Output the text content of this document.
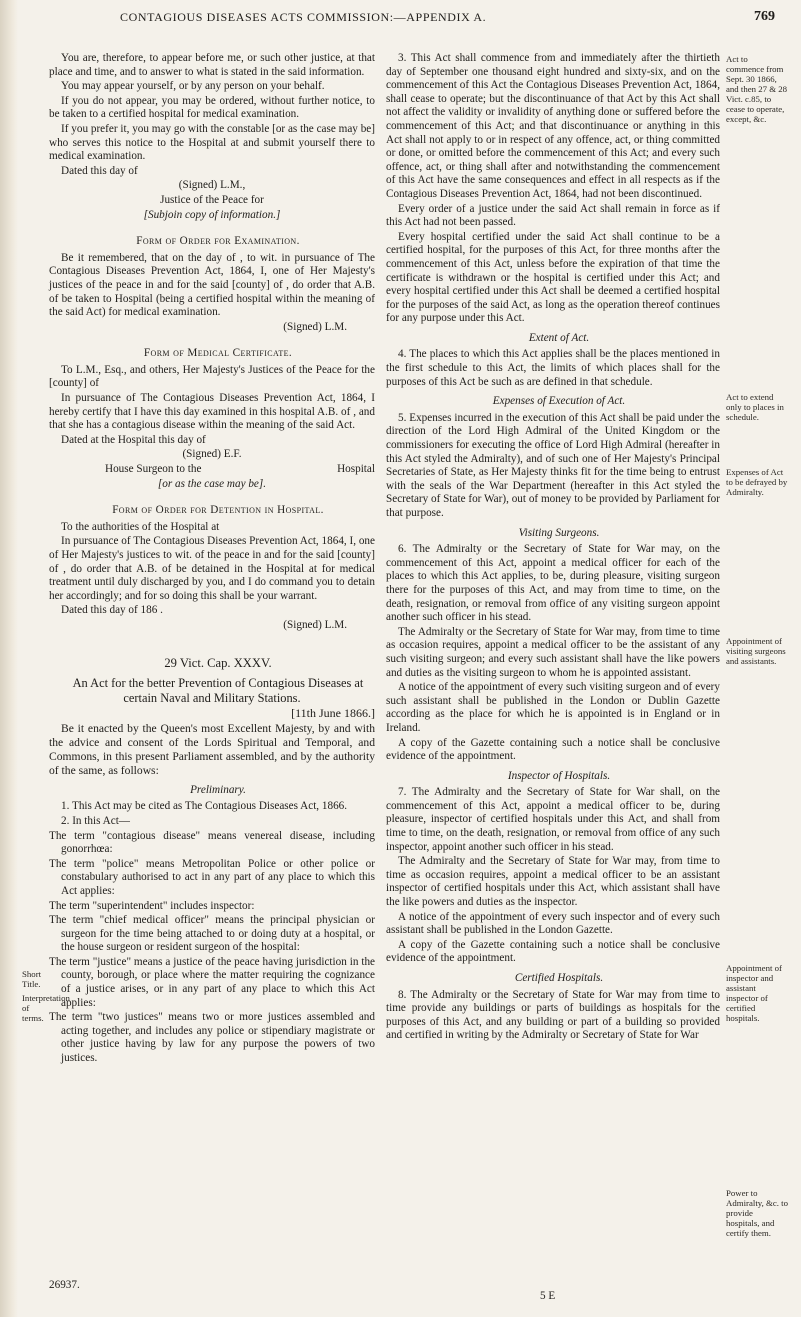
CONTAGIOUS DISEASES ACTS COMMISSION:—APPENDIX A.	769

You are, therefore, to appear before me, or such other justice, at that place and time, and to answer to what is stated in the said information.

You may appear yourself, or by any person on your behalf.

If you do not appear, you may be ordered, without further notice, to be taken to a certified hospital for medical examination.

If you prefer it, you may go with the constable [or as the case may be] who serves this notice to the Hospital at and submit yourself there to medical examination.

Dated this day of

(Signed) L.M.,

Justice of the Peace for

[Subjoin copy of information.]

Form of Order for Examination.

Be it remembered, that on the day of , to wit. in pursuance of The Contagious Diseases Prevention Act, 1864, I, one of Her Majesty's justices of the peace in and for the said [county] of , do order that A.B. of be taken to Hospital (being a certified hospital within the meaning of the said Act) for medical examination.

(Signed) L.M.

Form of Medical Certificate.

To L.M., Esq., and others, Her Majesty's Justices of the Peace for the [county] of

In pursuance of The Contagious Diseases Prevention Act, 1864, I hereby certify that I have this day examined in this hospital A.B. of , and that she has a contagious disease within the meaning of the said Act.

Dated at the Hospital this day of

(Signed) E.F.

House Surgeon to the	Hospital

[or as the case may be].

Form of Order for Detention in Hospital.

To the authorities of the Hospital at

In pursuance of The Contagious Diseases Prevention Act, 1864, I, one of Her Majesty's justices to wit. of the peace in and for the said [county] of , do order that A.B. of be detained in the Hospital at for medical treatment until duly discharged by you, and I do command you to detain her accordingly; and for so doing this shall be your warrant.

Dated this day of 186 .

(Signed) L.M.

29 Vict. Cap. XXXV.

An Act for the better Prevention of Contagious Diseases at certain Naval and Military Stations.

[11th June 1866.]

Be it enacted by the Queen's most Excellent Majesty, by and with the advice and consent of the Lords Spiritual and Temporal, and Commons, in this present Parliament assembled, and by the authority of the same, as follows:

Preliminary.

1. This Act may be cited as The Contagious Diseases Act, 1866.

2. In this Act—

The term "contagious disease" means venereal disease, including gonorrhœa:

The term "police" means Metropolitan Police or other police or constabulary authorised to act in any part of any place to which this Act applies:

The term "superintendent" includes inspector:

The term "chief medical officer" means the principal physician or surgeon for the time being attached to or doing duty at a hospital, or the house surgeon or resident surgeon of the hospital:

The term "justice" means a justice of the peace having jurisdiction in the county, borough, or place where the matter requiring the cognizance of a justice arises, or in any part of any place to which this Act applies:

The term "two justices" means two or more justices assembled and acting together, and includes any police or stipendiary magistrate or other justice having by law for any purpose the powers of two justices.

Short Title.
Interpretation of terms.
26937.

3. This Act shall commence from and immediately after the thirtieth day of September one thousand eight hundred and sixty-six, and on the commencement of this Act the Contagious Diseases Prevention Act, 1864, shall cease to operate; but the discontinuance of that Act by this Act shall not affect the validity or invalidity of anything done or suffered before the commencement of this Act; and that discontinuance or anything in this Act shall not apply to or in respect of any offence, act, or thing committed or done, or omitted before the commencement of this Act; and every such offence, act, or thing shall after and notwithstanding the commencement of this Act have the same consequences and effect in all respects as if the Contagious Diseases Prevention Act, 1864, had not been discontinued.

Every order of a justice under the said Act shall remain in force as if this Act had not been passed.

Every hospital certified under the said Act shall continue to be a certified hospital, for the purposes of this Act, for three months after the commencement of this Act, unless before the expiration of that time the certificate is withdrawn or the hospital is certified under this Act; and every hospital certified under this Act shall be deemed a certified hospital for the purposes of the said Act, as long as the operation thereof continues for any purpose under this Act.

Extent of Act.

4. The places to which this Act applies shall be the places mentioned in the first schedule to this Act, the limits of which places shall for the purposes of this Act be such as are defined in that schedule.

Expenses of Execution of Act.

5. Expenses incurred in the execution of this Act shall be paid under the direction of the Lord High Admiral of the United Kingdom or the commissioners for executing the office of Lord High Admiral (hereafter in this Act styled the Admiralty), and of such one of Her Majesty's Principal Secretaries of State, as Her Majesty thinks fit for the time being to entrust with the seals of the War Department (hereafter in this Act styled the Secretary of State for War), out of money to be provided by Parliament for that purpose.

Visiting Surgeons.

6. The Admiralty or the Secretary of State for War may, on the commencement of this Act, appoint a medical officer for each of the places to which this Act applies, to be, during pleasure, visiting surgeon there for the purposes of this Act, and may from time to time, on the death, resignation, or removal from office of any visiting surgeon appoint another such officer in his stead.

The Admiralty or the Secretary of State for War may, from time to time as occasion requires, appoint a medical officer to be the assistant of any such visiting surgeon; and every such assistant shall have the like powers and duties as the visiting surgeon to whom he is appointed assistant.

A notice of the appointment of every such visiting surgeon and of every such assistant shall be published in the London or Dublin Gazette according as the place for which he is appointed is in England or in Ireland.

A copy of the Gazette containing such a notice shall be conclusive evidence of the appointment.

Inspector of Hospitals.

7. The Admiralty and the Secretary of State for War shall, on the commencement of this Act, appoint a medical officer to be, during pleasure, inspector of certified hospitals under this Act, and shall from time to time, on the death, resignation, or removal from office of any such inspector, appoint another such officer in his stead.

The Admiralty and the Secretary of State for War may, from time to time as occasion requires, appoint a medical officer to be an assistant inspector of certified hospitals under this Act, which assistant shall have the like powers and duties as the inspector.

A notice of the appointment of every such inspector and of every such assistant shall be published in the London Gazette.

A copy of the Gazette containing such a notice shall be conclusive evidence of the appointment.

Certified Hospitals.

8. The Admiralty or the Secretary of State for War may from time to time provide any buildings or parts of buildings as hospitals for the purposes of this Act, and any building or part of a building so provided and certified in writing by the Admiralty or Secretary of State for War

Act to commence from Sept. 30 1866, and then 27 & 28 Vict. c.85, to cease to operate, except, &c.
Act to extend only to places in schedule.
Expenses of Act to be defrayed by Admiralty.
Appointment of visiting surgeons and assistants.
Appointment of inspector and assistant inspector of certified hospitals.
Power to Admiralty, &c. to provide hospitals, and certify them.
5 E
